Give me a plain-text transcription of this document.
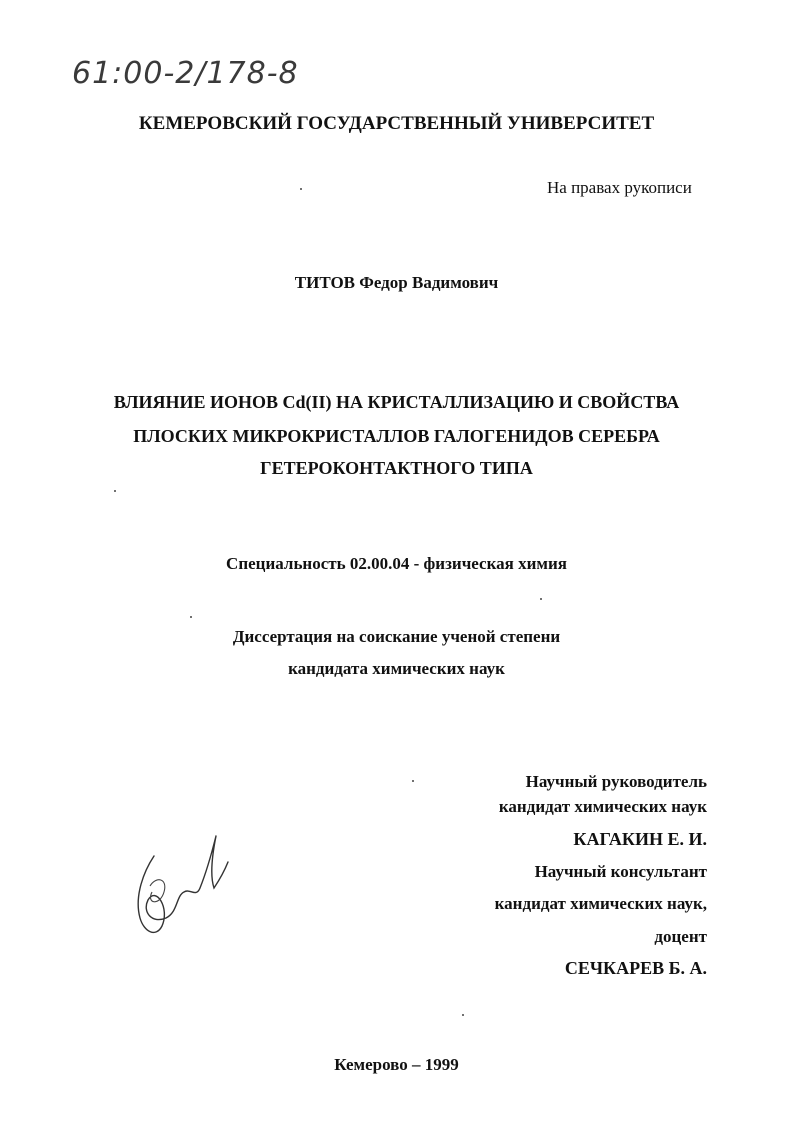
61:00-2/178-8
КЕМЕРОВСКИЙ ГОСУДАРСТВЕННЫЙ УНИВЕРСИТЕТ
На правах рукописи
ТИТОВ Федор Вадимович
ВЛИЯНИЕ ИОНОВ Cd(II) НА КРИСТАЛЛИЗАЦИЮ И СВОЙСТВА
ПЛОСКИХ МИКРОКРИСТАЛЛОВ ГАЛОГЕНИДОВ СЕРЕБРА
ГЕТЕРОКОНТАКТНОГО ТИПА
Специальность 02.00.04 - физическая химия
Диссертация на соискание ученой степени
кандидата химических наук
Научный руководитель
кандидат химических наук
КАГАКИН Е. И.
Научный консультант
кандидат химических наук,
доцент
СЕЧКАРЕВ Б. А.
Кемерово – 1999
